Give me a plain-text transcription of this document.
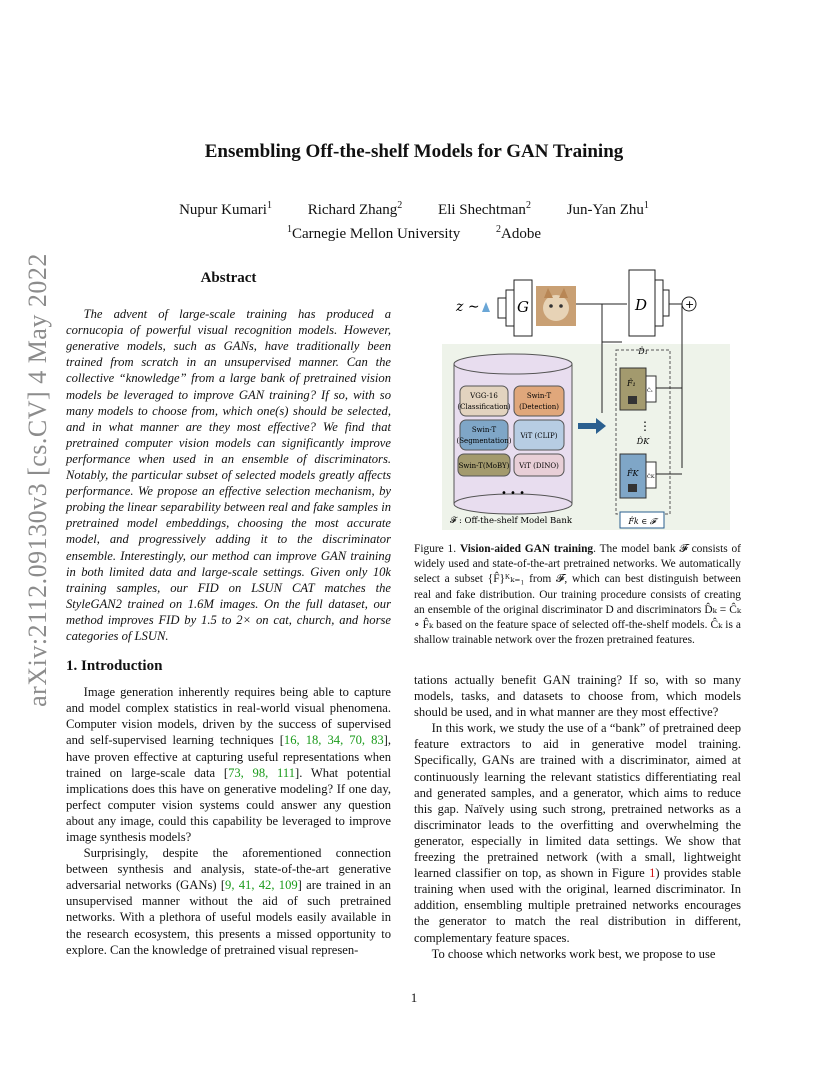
arXiv:2112.09130v3 [cs.CV] 4 May 2022
Ensembling Off-the-shelf Models for GAN Training
Nupur Kumari$^1$ Richard Zhang$^2$ Eli Shechtman$^2$ Jun-Yan Zhu$^1$
$^1$Carnegie Mellon University	$^2$Adobe
Abstract

The advent of large-scale training has produced a cornucopia of powerful visual recognition models. However, generative models, such as GANs, have traditionally been trained from scratch in an unsupervised manner. Can the collective “knowledge” from a large bank of pretrained vision models be leveraged to improve GAN training? If so, with so many models to choose from, which one(s) should be selected, and in what manner are they most effective? We find that pretrained computer vision models can significantly improve performance when used in an ensemble of discriminators. Notably, the particular subset of selected models greatly affects performance. We propose an effective selection mechanism, by probing the linear separability between real and fake samples in pretrained model embeddings, choosing the most accurate model, and progressively adding it to the discriminator ensemble. Interestingly, our method can improve GAN training in both limited data and large-scale settings. Given only 10k training samples, our FID on LSUN CAT matches the StyleGAN2 trained on 1.6M images. On the full dataset, our method improves FID by 1.5 to 2× on cat, church, and horse categories of LSUN.

1. Introduction

Image generation inherently requires being able to capture and model complex statistics in real-world visual phenomena. Computer vision models, driven by the success of supervised and self-supervised learning techniques [16, 18, 34, 70, 83], have proven effective at capturing useful representations when trained on large-scale data [73, 98, 111]. What potential implications does this have on generative modeling? If one day, perfect computer vision systems could answer any question about any image, could this capability be leveraged to improve image synthesis models?

Surprisingly, despite the aforementioned connection between synthesis and analysis, state-of-the-art generative adversarial networks (GANs) [9, 41, 42, 109] are trained in an unsupervised manner without the aid of such pretrained networks. With a plethora of useful models easily available in the research ecosystem, this presents a missed opportunity to explore. Can the knowledge of pretrained visual represen-

z ∼ G	D	+
VGG-16
(Classification)
Swin-T
(Detection)
Swin-T
(Segmentation)
ViT (CLIP)
Swin-T(MoBY) ViT (DINO)
• • •
𝓕 : Off-the-shelf Model Bank
D̂₁
F̂₁
Ĉ₁
⋮
D̂K
F̂K ĈK
F̂k ∈ 𝓕
Figure 1. Vision-aided GAN training. The model bank 𝓕 consists of widely used and state-of-the-art pretrained networks. We automatically select a subset {F̂}ᴷₖ₌₁ from 𝓕, which can best distinguish between real and fake distribution. Our training procedure consists of creating an ensemble of the original discriminator D and discriminators D̂ₖ = Ĉₖ ∘ F̂ₖ based on the feature space of selected off-the-shelf models. Ĉₖ is a shallow trainable network over the frozen pretrained features.

tations actually benefit GAN training? If so, with so many models, tasks, and datasets to choose from, which models should be used, and in what manner are they most effective?

In this work, we study the use of a “bank” of pretrained deep feature extractors to aid in generative model training. Specifically, GANs are trained with a discriminator, aimed at continuously learning the relevant statistics differentiating real and generated samples, and a generator, which aims to reduce this gap. Naïvely using such strong, pretrained networks as a discriminator leads to the overfitting and overwhelming the generator, especially in limited data settings. We show that freezing the pretrained network (with a small, lightweight learned classifier on top, as shown in Figure 1) provides stable training when used with the original, learned discriminator. In addition, ensembling multiple pretrained networks encourages the generator to match the real distribution in different, complementary feature spaces.

To choose which networks work best, we propose to use

1
